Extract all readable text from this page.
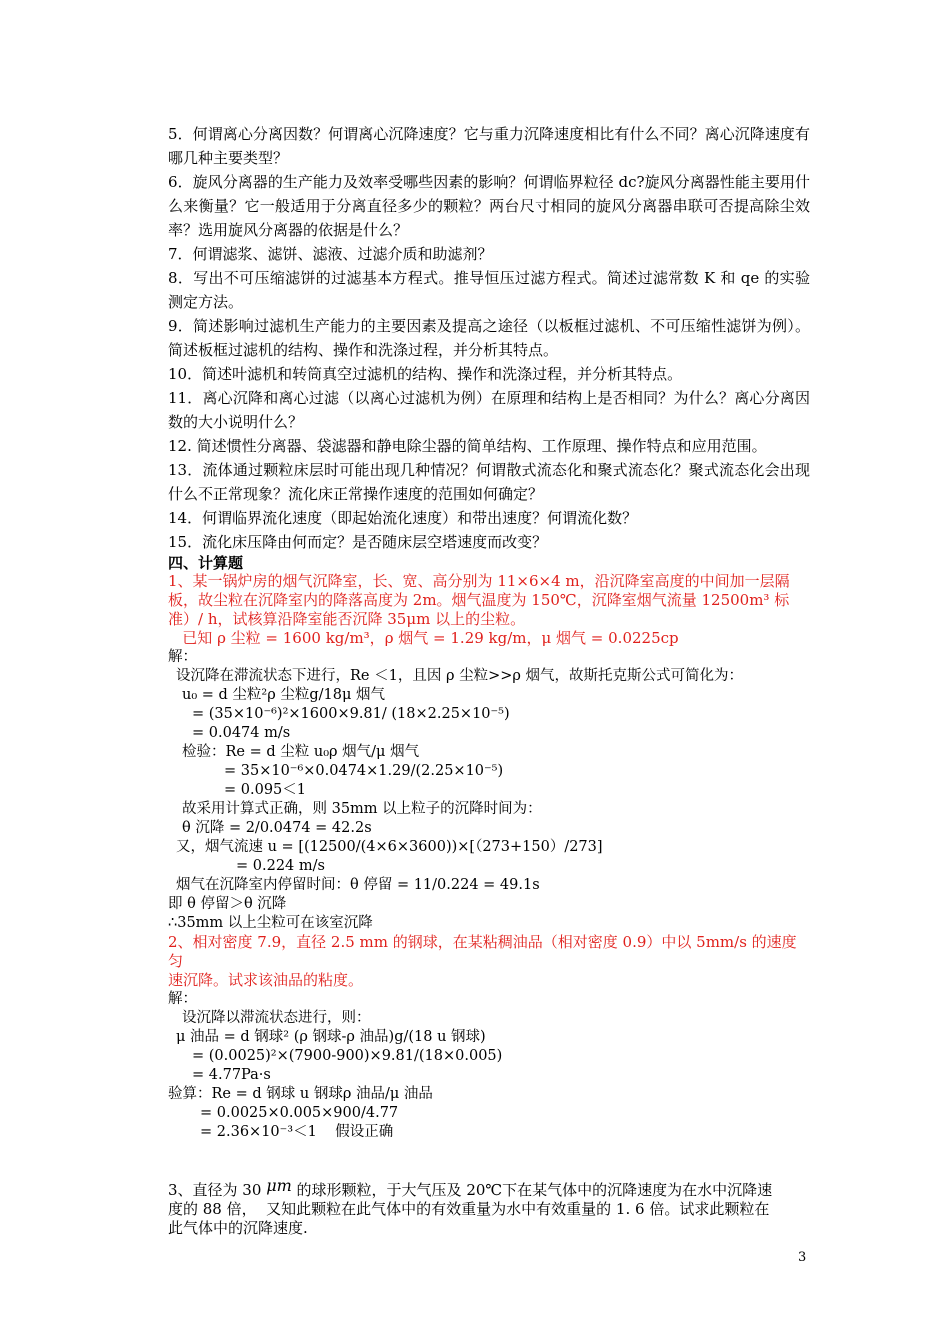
5．何谓离心分离因数？何谓离心沉降速度？它与重力沉降速度相比有什么不同？离心沉降速度有哪几种主要类型？

6．旋风分离器的生产能力及效率受哪些因素的影响？何谓临界粒径 dc?旋风分离器性能主要用什么来衡量？它一般适用于分离直径多少的颗粒？两台尺寸相同的旋风分离器串联可否提高除尘效率？选用旋风分离器的依据是什么？

7．何谓滤浆、滤饼、滤液、过滤介质和助滤剂？

8．写出不可压缩滤饼的过滤基本方程式。推导恒压过滤方程式。简述过滤常数 K 和 qe 的实验测定方法。

9．简述影响过滤机生产能力的主要因素及提高之途径（以板框过滤机、不可压缩性滤饼为例）。简述板框过滤机的结构、操作和洗涤过程，并分析其特点。

10．简述叶滤机和转筒真空过滤机的结构、操作和洗涤过程，并分析其特点。

11．离心沉降和离心过滤（以离心过滤机为例）在原理和结构上是否相同？为什么？离心分离因数的大小说明什么？

12. 简述惯性分离器、袋滤器和静电除尘器的简单结构、工作原理、操作特点和应用范围。

13．流体通过颗粒床层时可能出现几种情况？何谓散式流态化和聚式流态化？聚式流态化会出现什么不正常现象？流化床正常操作速度的范围如何确定？

14．何谓临界流化速度（即起始流化速度）和带出速度？何谓流化数？

15．流化床压降由何而定？是否随床层空塔速度而改变？

四、计算题

1、某一锅炉房的烟气沉降室，长、宽、高分别为 11×6×4 m，沿沉降室高度的中间加一层隔

板，故尘粒在沉降室内的降落高度为 2m。烟气温度为 150℃，沉降室烟气流量 12500m³ 标

准）/ h，试核算沿降室能否沉降 35μm 以上的尘粒。

已知 ρ 尘粒 = 1600 kg/m³，ρ 烟气 = 1.29 kg/m，μ 烟气 = 0.0225cp

解：

设沉降在滞流状态下进行，Re ＜1，且因 ρ 尘粒>>ρ 烟气，故斯托克斯公式可简化为：

u₀ = d 尘粒²ρ 尘粒g/18μ 烟气

= (35×10⁻⁶)²×1600×9.81/ (18×2.25×10⁻⁵)

= 0.0474 m/s

检验：Re = d 尘粒 u₀ρ 烟气/μ 烟气

= 35×10⁻⁶×0.0474×1.29/(2.25×10⁻⁵)

= 0.095＜1

故采用计算式正确，则 35mm 以上粒子的沉降时间为：

θ 沉降 = 2/0.0474 = 42.2s

又，烟气流速 u = [(12500/(4×6×3600))×[（273+150）/273]

= 0.224 m/s

烟气在沉降室内停留时间：θ 停留 = 11/0.224 = 49.1s

即 θ 停留＞θ 沉降

∴35mm 以上尘粒可在该室沉降

2、相对密度 7.9，直径 2.5 mm 的钢球，在某粘稠油品（相对密度 0.9）中以 5mm/s 的速度匀

速沉降。试求该油品的粘度。

解：

设沉降以滞流状态进行，则：

μ 油品 = d 钢球² (ρ 钢球-ρ 油品)g/(18 u 钢球)

= (0.0025)²×(7900-900)×9.81/(18×0.005)

= 4.77Pa·s

验算：Re = d 钢球 u 钢球ρ 油品/μ 油品

= 0.0025×0.005×900/4.77

= 2.36×10⁻³＜1    假设正确

3、直径为 30 μm 的球形颗粒，于大气压及 20℃下在某气体中的沉降速度为在水中沉降速

度的 88 倍，  又知此颗粒在此气体中的有效重量为水中有效重量的 1. 6 倍。试求此颗粒在

此气体中的沉降速度.

3
